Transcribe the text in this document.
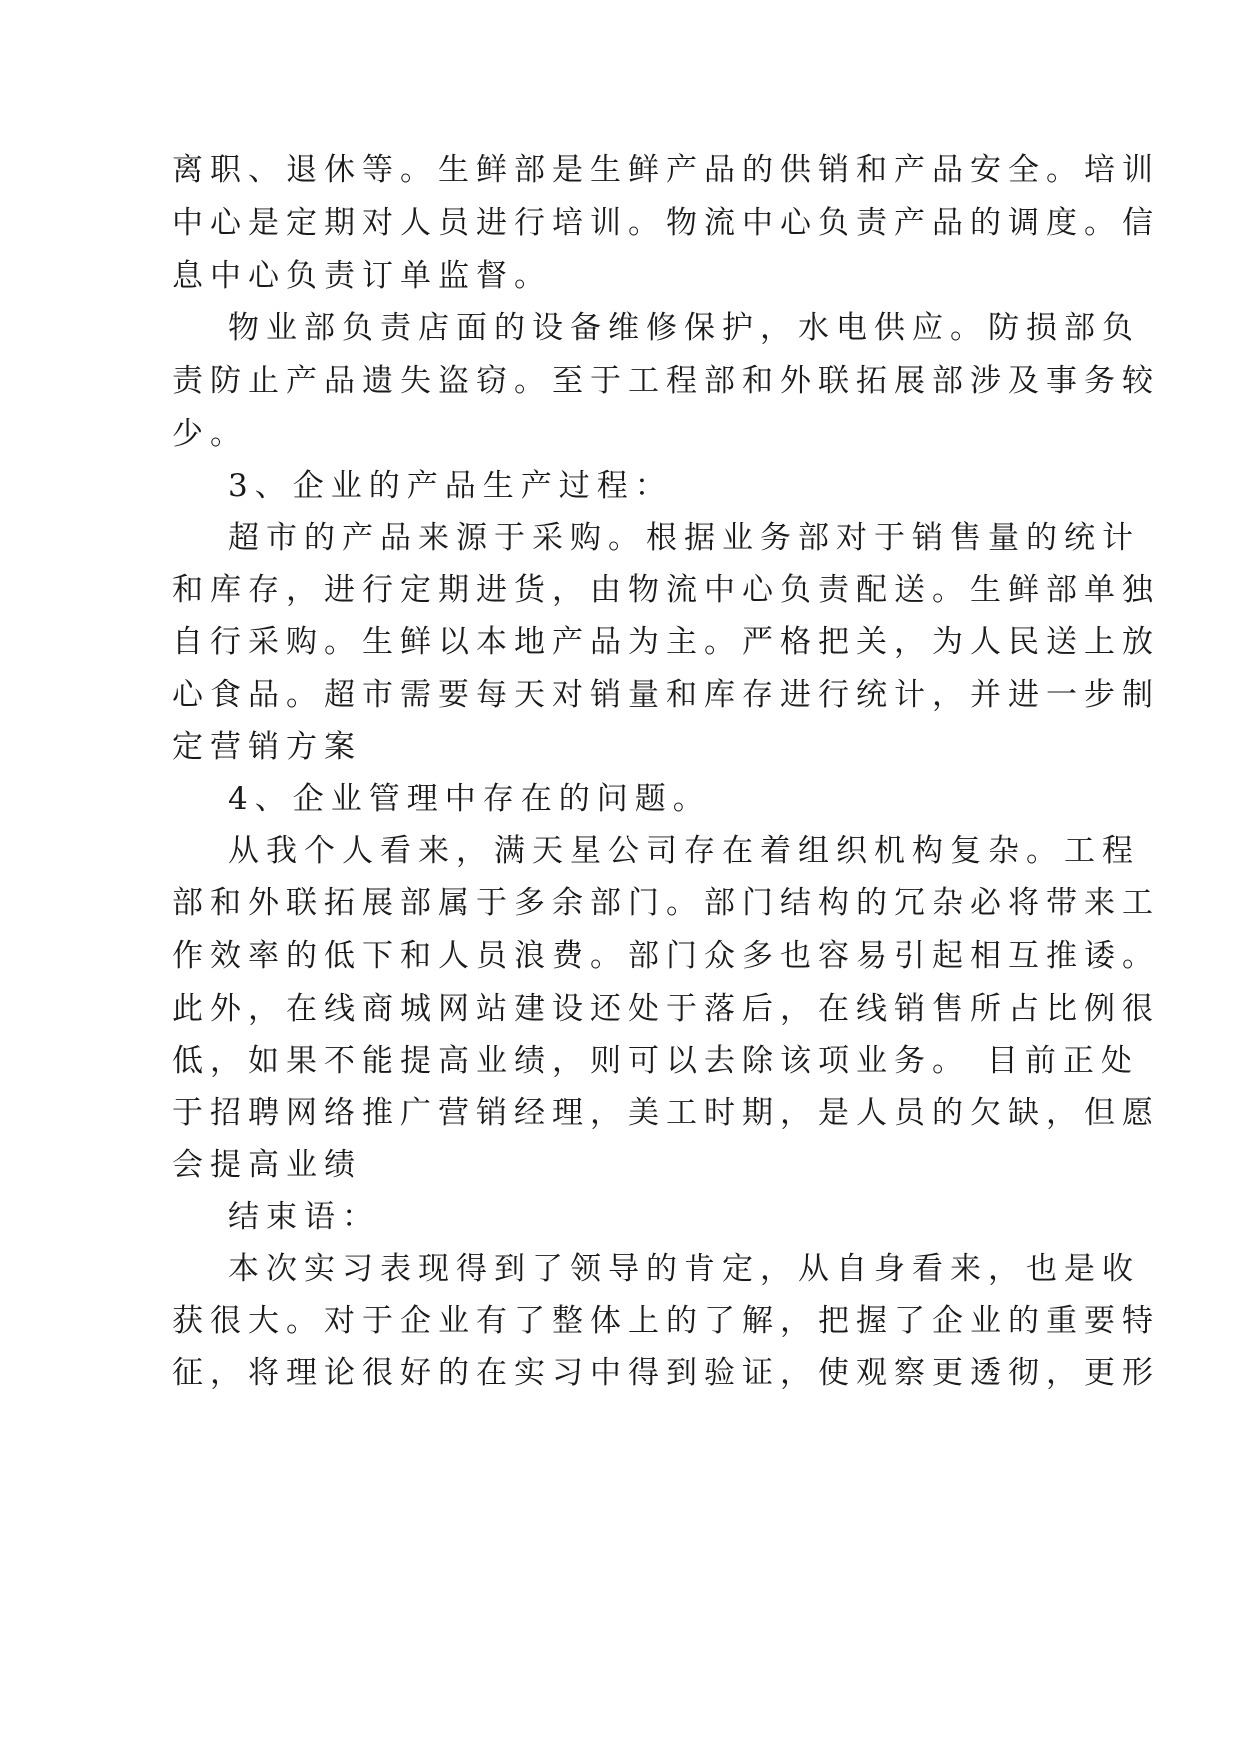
离职、退休等。生鲜部是生鲜产品的供销和产品安全。培训
中心是定期对人员进行培训。物流中心负责产品的调度。信
息中心负责订单监督。
物业部负责店面的设备维修保护，水电供应。防损部负
责防止产品遗失盗窃。至于工程部和外联拓展部涉及事务较
少。
3、企业的产品生产过程：
超市的产品来源于采购。根据业务部对于销售量的统计
和库存，进行定期进货，由物流中心负责配送。生鲜部单独
自行采购。生鲜以本地产品为主。严格把关，为人民送上放
心食品。超市需要每天对销量和库存进行统计，并进一步制
定营销方案
4、企业管理中存在的问题。
从我个人看来，满天星公司存在着组织机构复杂。工程
部和外联拓展部属于多余部门。部门结构的冗杂必将带来工
作效率的低下和人员浪费。部门众多也容易引起相互推诿。
此外，在线商城网站建设还处于落后，在线销售所占比例很
低，如果不能提高业绩，则可以去除该项业务。 目前正处
于招聘网络推广营销经理，美工时期，是人员的欠缺，但愿
会提高业绩
结束语：
本次实习表现得到了领导的肯定，从自身看来，也是收
获很大。对于企业有了整体上的了解，把握了企业的重要特
征，将理论很好的在实习中得到验证，使观察更透彻，更形
